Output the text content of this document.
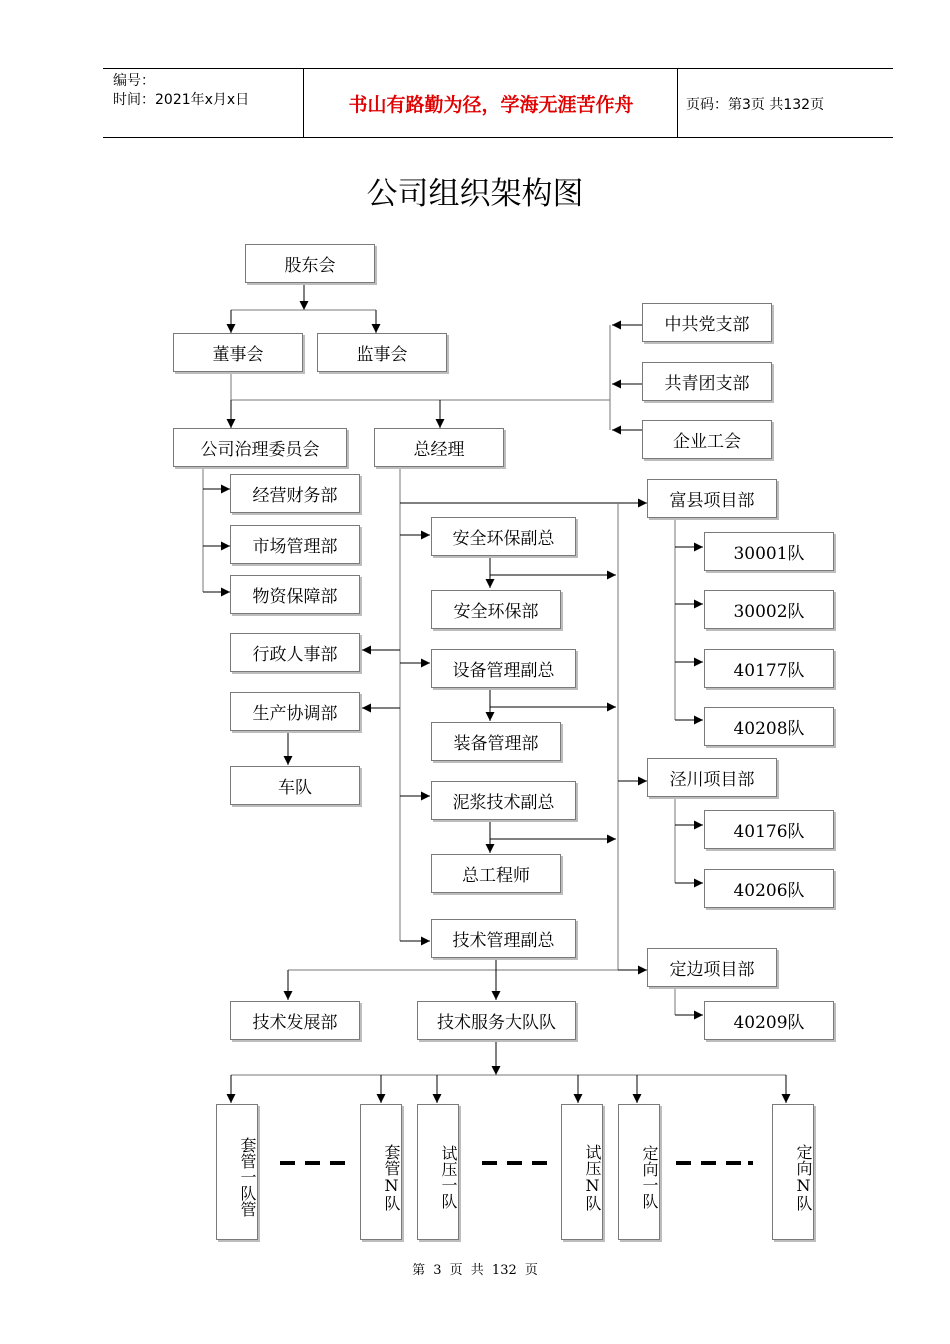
编号：
时间：2021年x月x日	书山有路勤为径，学海无涯苦作舟	页码：第3页 共132页
公司组织架构图
股东会
董事会	监事会
中共党支部
共青团支部
企业工会
公司治理委员会	总经理
经营财务部
市场管理部
物资保障部
行政人事部
生产协调部
车队
安全环保副总
安全环保部
设备管理副总
装备管理部
泥浆技术副总
总工程师
技术管理副总
富县项目部
30001队
30002队
40177队
40208队
泾川项目部
40176队
40206队
定边项目部
40209队
技术发展部	技术服务大队队
套管一队管	套管N队	试压一队	试压N队	定向一队	定向N队
第 3 页 共 132 页
